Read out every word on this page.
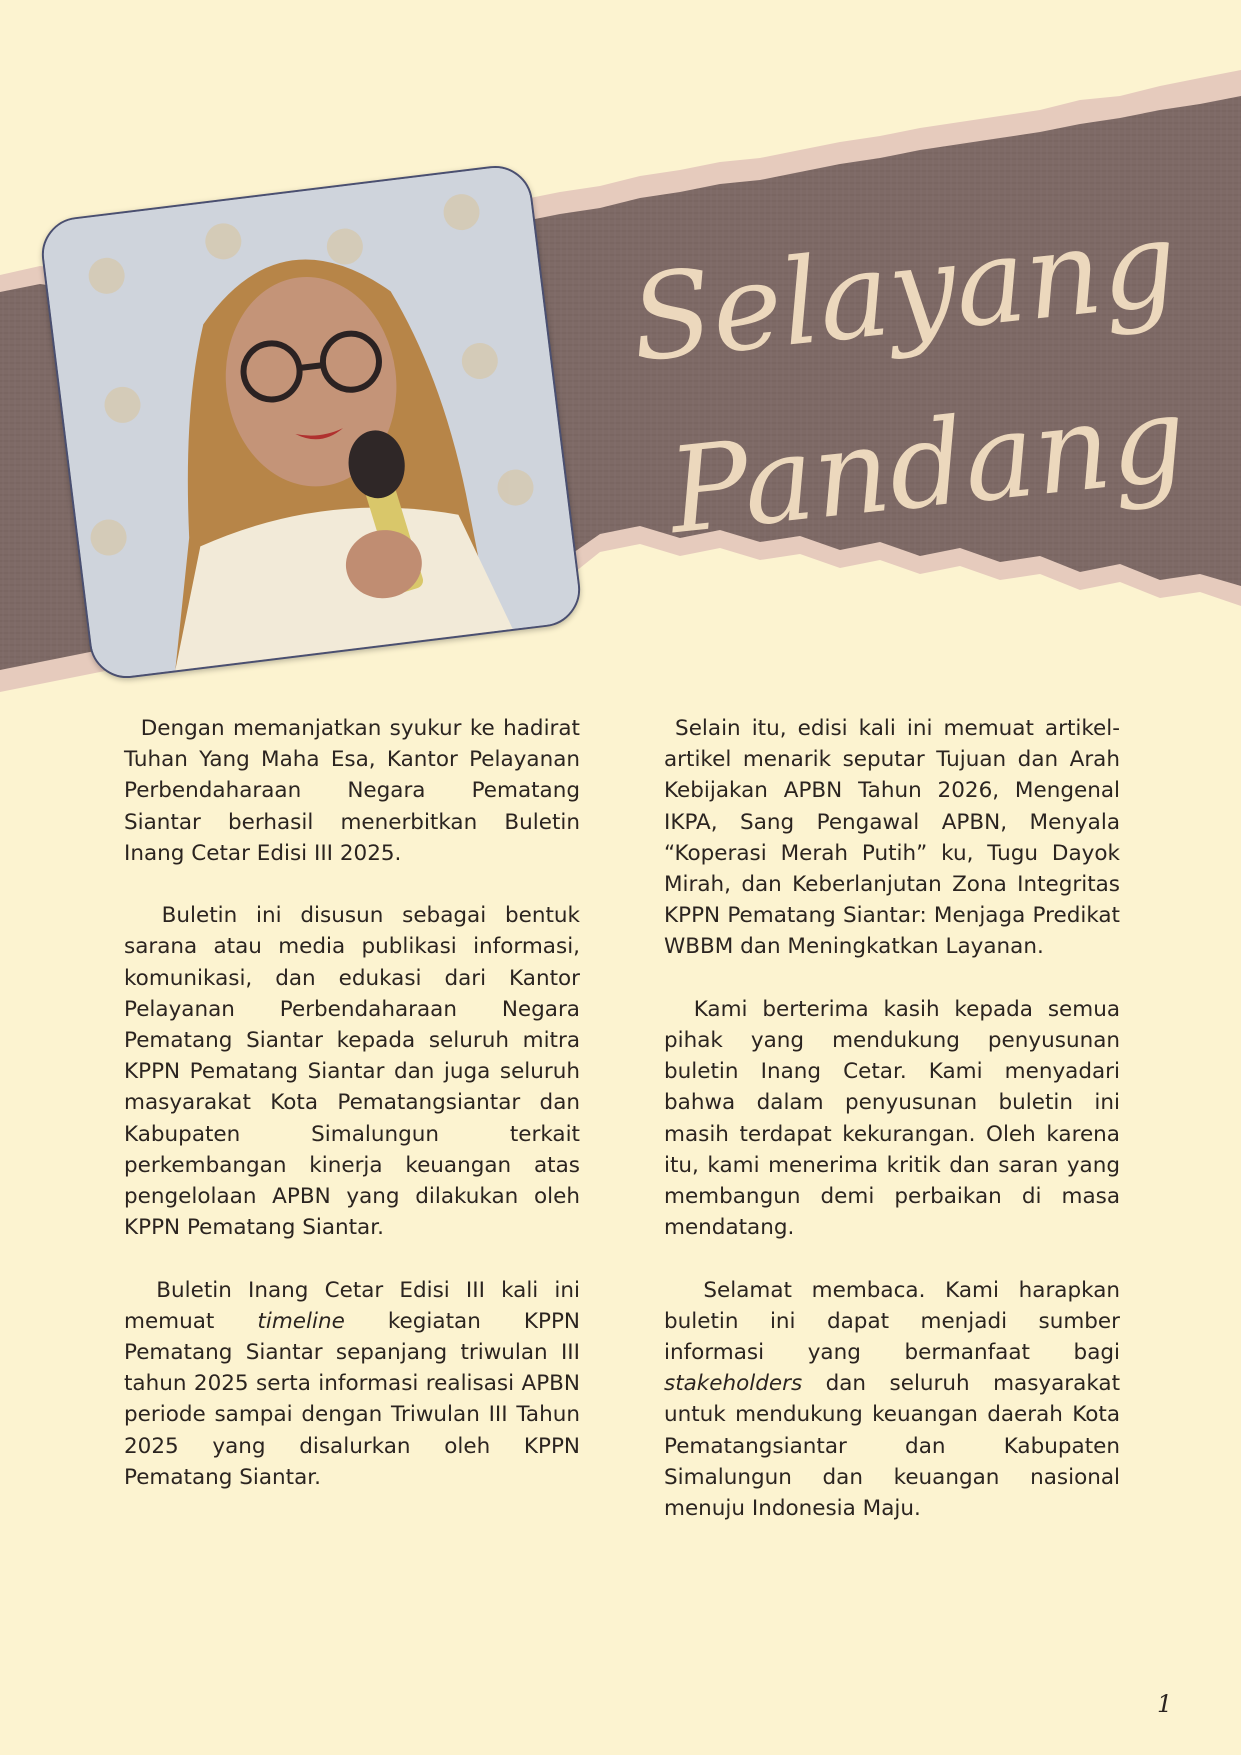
Selayang
Pandang

Dengan memanjatkan syukur ke hadirat Tuhan Yang Maha Esa, Kantor Pelayanan Perbendaharaan Negara Pematang Siantar berhasil menerbitkan Buletin Inang Cetar Edisi III 2025.

Buletin ini disusun sebagai bentuk sarana atau media publikasi informasi, komunikasi, dan edukasi dari Kantor Pelayanan Perbendaharaan Negara Pematang Siantar kepada seluruh mitra KPPN Pematang Siantar dan juga seluruh masyarakat Kota Pematangsiantar dan Kabupaten Simalungun terkait perkembangan kinerja keuangan atas pengelolaan APBN yang dilakukan oleh KPPN Pematang Siantar.

Buletin Inang Cetar Edisi III kali ini memuat timeline kegiatan KPPN Pematang Siantar sepanjang triwulan III tahun 2025 serta informasi realisasi APBN periode sampai dengan Triwulan III Tahun 2025 yang disalurkan oleh KPPN Pematang Siantar.

Selain itu, edisi kali ini memuat artikel-artikel menarik seputar Tujuan dan Arah Kebijakan APBN Tahun 2026, Mengenal IKPA, Sang Pengawal APBN, Menyala “Koperasi Merah Putih” ku, Tugu Dayok Mirah, dan Keberlanjutan Zona Integritas KPPN Pematang Siantar: Menjaga Predikat WBBM dan Meningkatkan Layanan.

Kami berterima kasih kepada semua pihak yang mendukung penyusunan buletin Inang Cetar. Kami menyadari bahwa dalam penyusunan buletin ini masih terdapat kekurangan. Oleh karena itu, kami menerima kritik dan saran yang membangun demi perbaikan di masa mendatang.

Selamat membaca. Kami harapkan buletin ini dapat menjadi sumber informasi yang bermanfaat bagi stakeholders dan seluruh masyarakat untuk mendukung keuangan daerah Kota Pematangsiantar dan Kabupaten Simalungun dan keuangan nasional menuju Indonesia Maju.

1
